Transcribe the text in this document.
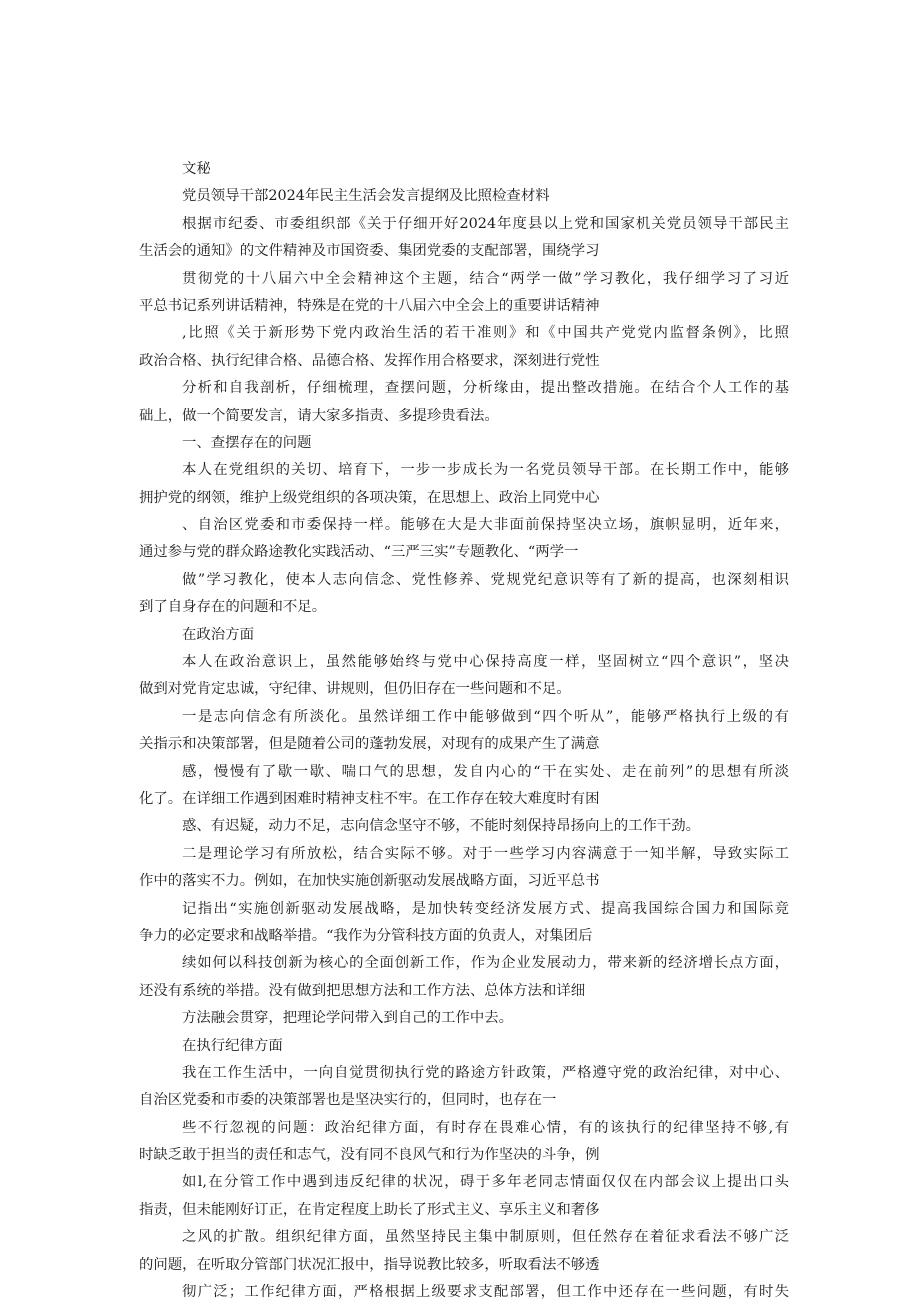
文秘
党员领导干部2024年民主生活会发言提纲及比照检查材料
根据市纪委、市委组织部《关于仔细开好2024年度县以上党和国家机关党员领导干部民主
生活会的通知》的文件精神及市国资委、集团党委的支配部署，围绕学习
贯彻党的十八届六中全会精神这个主题，结合“两学一做”学习教化，我仔细学习了习近
平总书记系列讲话精神，特殊是在党的十八届六中全会上的重要讲话精神
,比照《关于新形势下党内政治生活的若干准则》和《中国共产党党内监督条例》，比照
政治合格、执行纪律合格、品德合格、发挥作用合格要求，深刻进行党性
分析和自我剖析，仔细梳理，查摆问题，分析缘由，提出整改措施。在结合个人工作的基
础上，做一个简要发言，请大家多指责、多提珍贵看法。
一、查摆存在的问题
本人在党组织的关切、培育下，一步一步成长为一名党员领导干部。在长期工作中，能够
拥护党的纲领，维护上级党组织的各项决策，在思想上、政治上同党中心
、自治区党委和市委保持一样。能够在大是大非面前保持坚决立场，旗帜显明，近年来，
通过参与党的群众路途教化实践活动、“三严三实”专题教化、“两学一
做”学习教化，使本人志向信念、党性修养、党规党纪意识等有了新的提高，也深刻相识
到了自身存在的问题和不足。
在政治方面
本人在政治意识上，虽然能够始终与党中心保持高度一样，坚固树立“四个意识”，坚决
做到对党肯定忠诚，守纪律、讲规则，但仍旧存在一些问题和不足。
一是志向信念有所淡化。虽然详细工作中能够做到“四个听从”，能够严格执行上级的有
关指示和决策部署，但是随着公司的蓬勃发展，对现有的成果产生了满意
感，慢慢有了歇一歇、喘口气的思想，发自内心的“干在实处、走在前列”的思想有所淡
化了。在详细工作遇到困难时精神支柱不牢。在工作存在较大难度时有困
惑、有迟疑，动力不足，志向信念坚守不够，不能时刻保持昂扬向上的工作干劲。
二是理论学习有所放松，结合实际不够。对于一些学习内容满意于一知半解，导致实际工
作中的落实不力。例如，在加快实施创新驱动发展战略方面，习近平总书
记指出“实施创新驱动发展战略，是加快转变经济发展方式、提高我国综合国力和国际竞
争力的必定要求和战略举措。“我作为分管科技方面的负责人，对集团后
续如何以科技创新为核心的全面创新工作，作为企业发展动力，带来新的经济增长点方面，
还没有系统的举措。没有做到把思想方法和工作方法、总体方法和详细
方法融会贯穿，把理论学问带入到自己的工作中去。
在执行纪律方面
我在工作生活中，一向自觉贯彻执行党的路途方针政策，严格遵守党的政治纪律，对中心、
自治区党委和市委的决策部署也是坚决实行的，但同时，也存在一
些不行忽视的问题：政治纪律方面，有时存在畏难心情，有的该执行的纪律坚持不够,有
时缺乏敢于担当的责任和志气，没有同不良风气和行为作坚决的斗争，例
如l,在分管工作中遇到违反纪律的状况，碍于多年老同志情面仅仅在内部会议上提出口头
指责，但未能刚好订正，在肯定程度上助长了形式主义、享乐主义和奢侈
之风的扩散。组织纪律方面，虽然坚持民主集中制原则，但任然存在着征求看法不够广泛
的问题，在听取分管部门状况汇报中，指导说教比较多，听取看法不够透
彻广泛；工作纪律方面，严格根据上级要求支配部署，但工作中还存在一些问题，有时失
